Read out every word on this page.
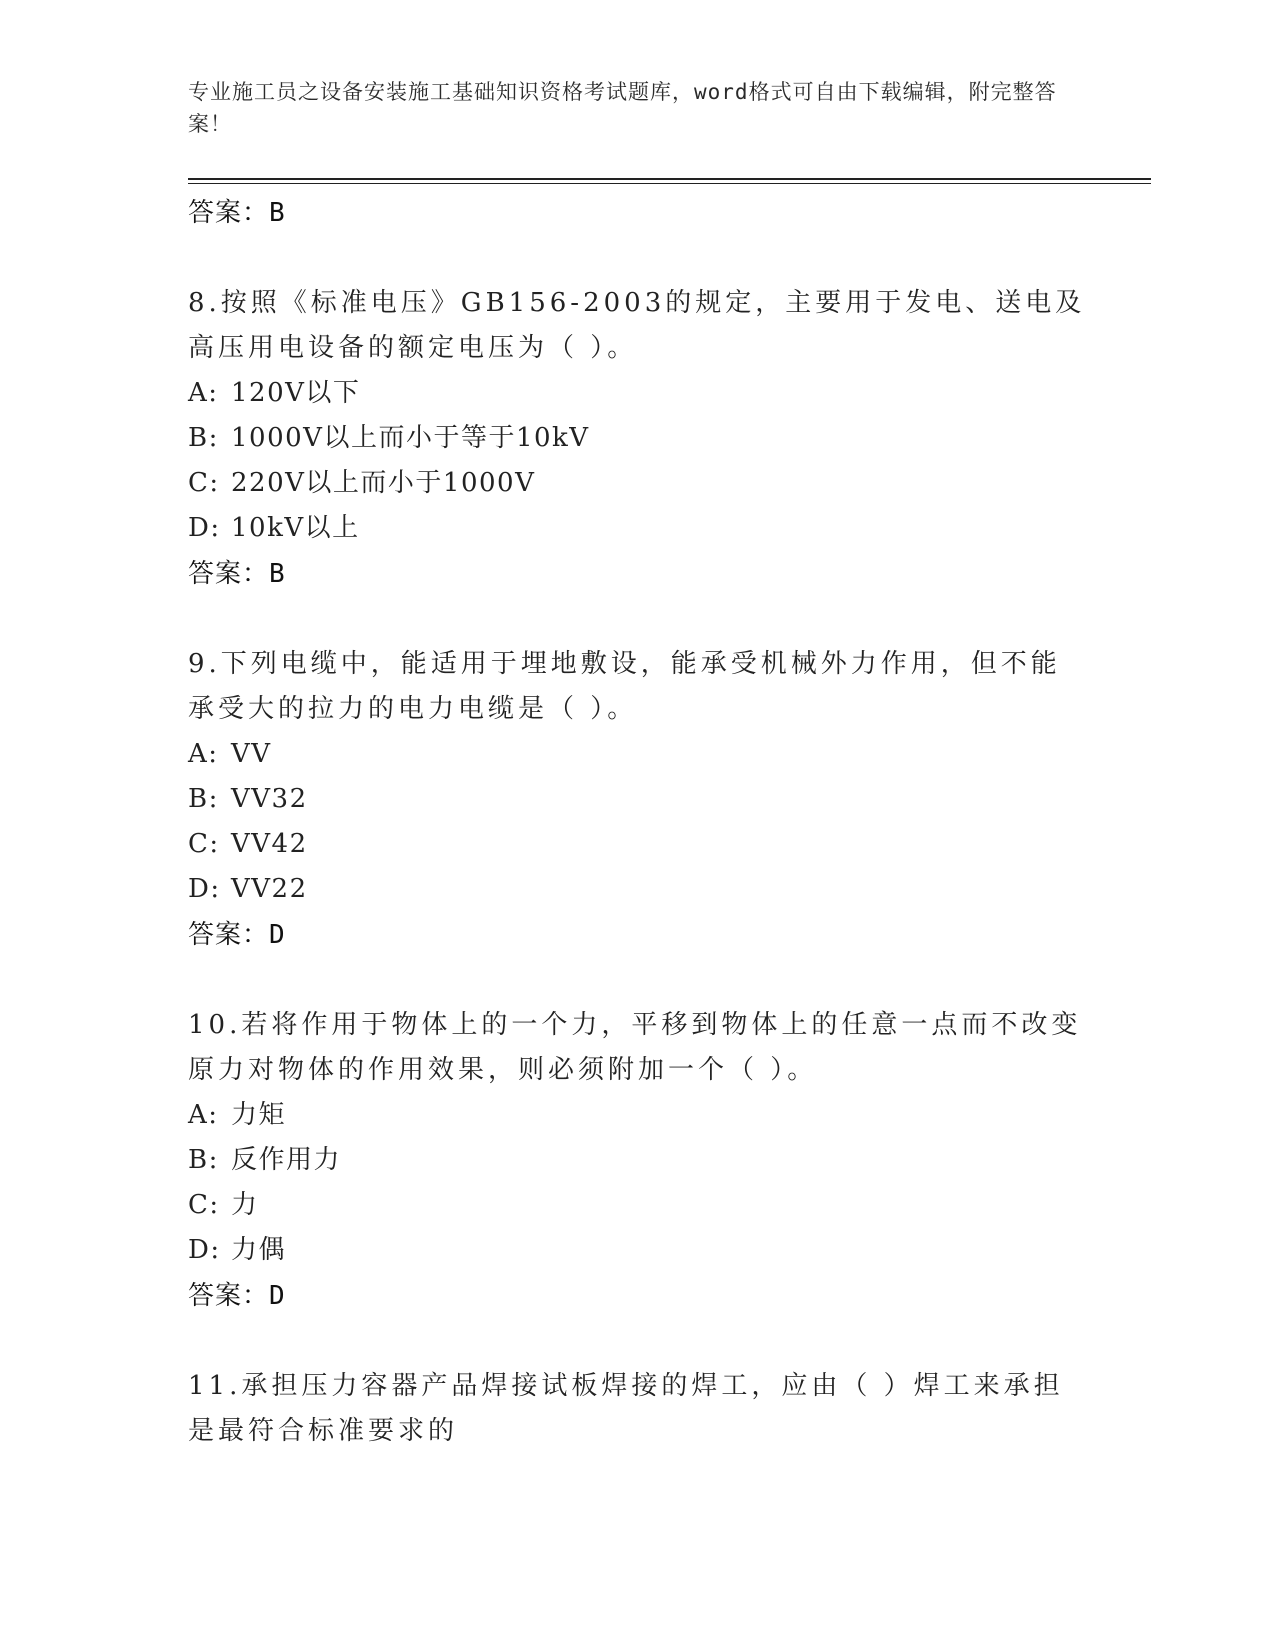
专业施工员之设备安装施工基础知识资格考试题库，word格式可自由下载编辑，附完整答案！
答案：B
8.按照《标准电压》GB156-2003的规定，主要用于发电、送电及高压用电设备的额定电压为（ ）。
A: 120V以下
B: 1000V以上而小于等于10kV
C: 220V以上而小于1000V
D: 10kV以上
答案：B
9.下列电缆中，能适用于埋地敷设，能承受机械外力作用，但不能承受大的拉力的电力电缆是（ ）。
A: VV
B: VV32
C: VV42
D: VV22
答案：D
10.若将作用于物体上的一个力，平移到物体上的任意一点而不改变原力对物体的作用效果，则必须附加一个（ ）。
A: 力矩
B: 反作用力
C: 力
D: 力偶
答案：D
11.承担压力容器产品焊接试板焊接的焊工，应由（ ）焊工来承担是最符合标准要求的
